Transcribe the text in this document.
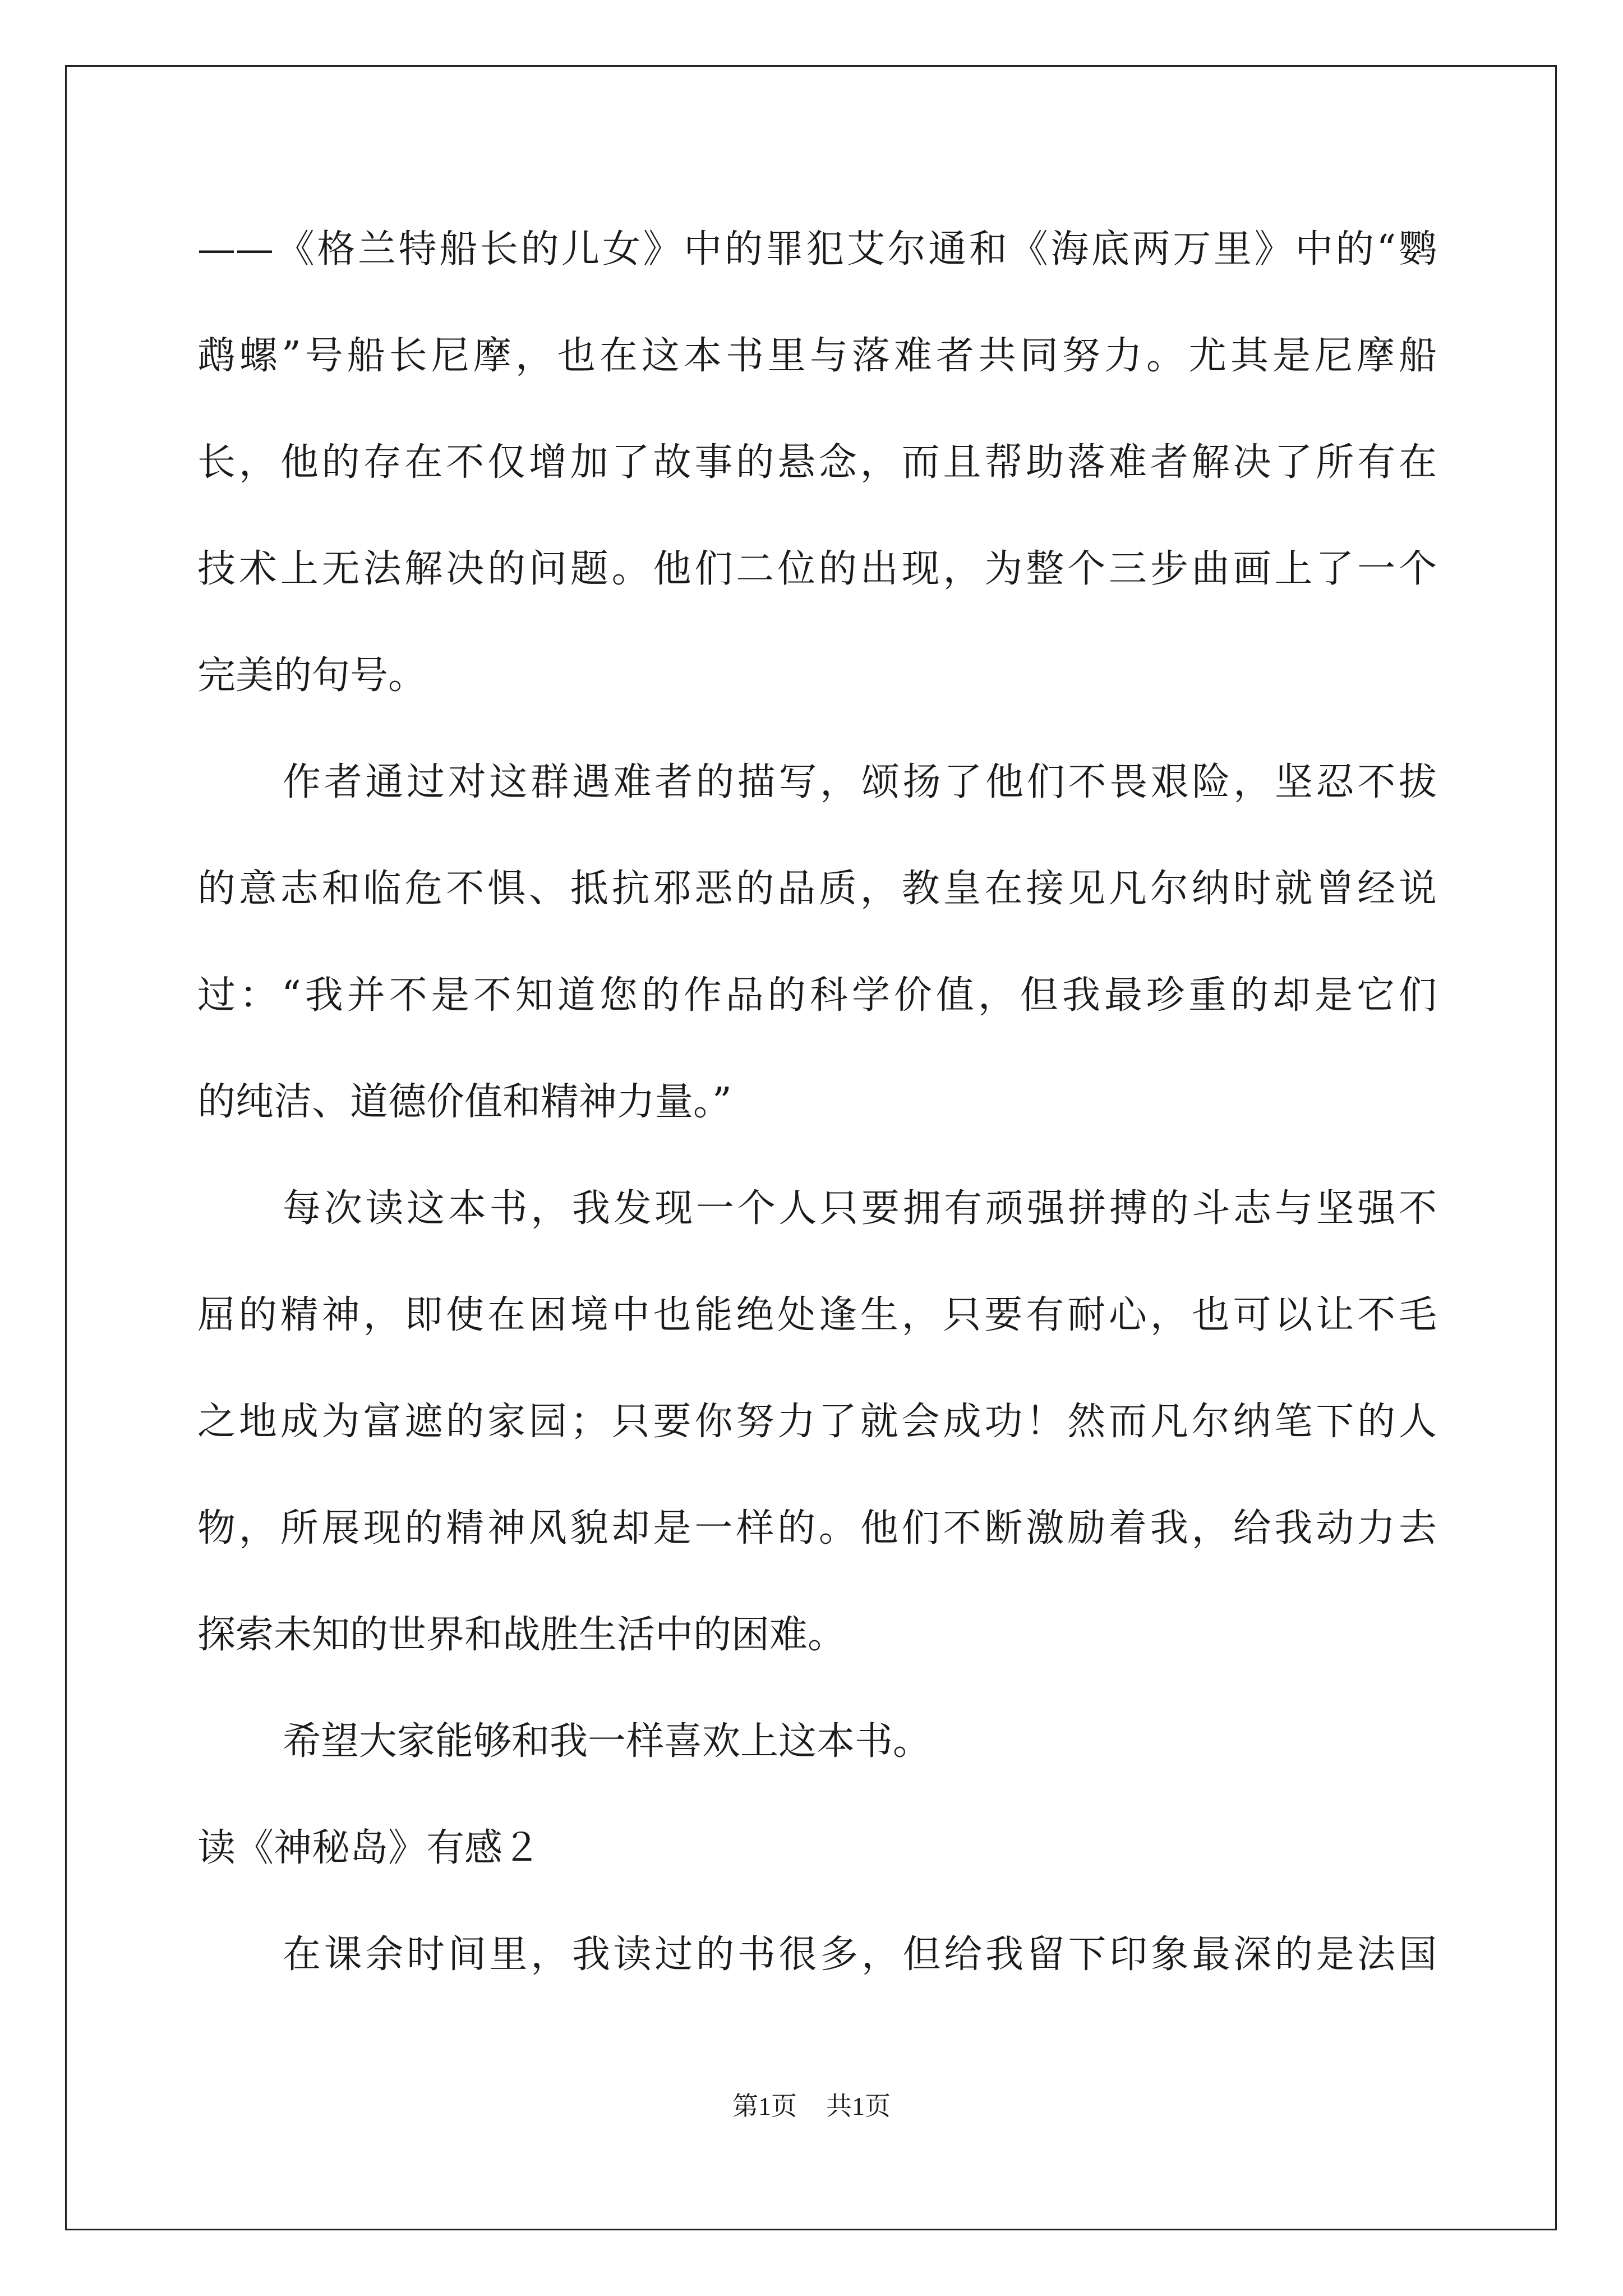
——《格兰特船长的儿女》中的罪犯艾尔通和《海底两万里》中的“鹦
鹉螺”号船长尼摩，也在这本书里与落难者共同努力。尤其是尼摩船
长，他的存在不仅增加了故事的悬念，而且帮助落难者解决了所有在
技术上无法解决的问题。他们二位的出现，为整个三步曲画上了一个
完美的句号。
作者通过对这群遇难者的描写，颂扬了他们不畏艰险，坚忍不拔
的意志和临危不惧、抵抗邪恶的品质，教皇在接见凡尔纳时就曾经说
过：“我并不是不知道您的作品的科学价值，但我最珍重的却是它们
的纯洁、道德价值和精神力量。”
每次读这本书，我发现一个人只要拥有顽强拼搏的斗志与坚强不
屈的精神，即使在困境中也能绝处逢生，只要有耐心，也可以让不毛
之地成为富遮的家园；只要你努力了就会成功！然而凡尔纳笔下的人
物，所展现的精神风貌却是一样的。他们不断激励着我，给我动力去
探索未知的世界和战胜生活中的困难。
希望大家能够和我一样喜欢上这本书。
读《神秘岛》有感２
在课余时间里，我读过的书很多，但给我留下印象最深的是法国
第1页 共1页
